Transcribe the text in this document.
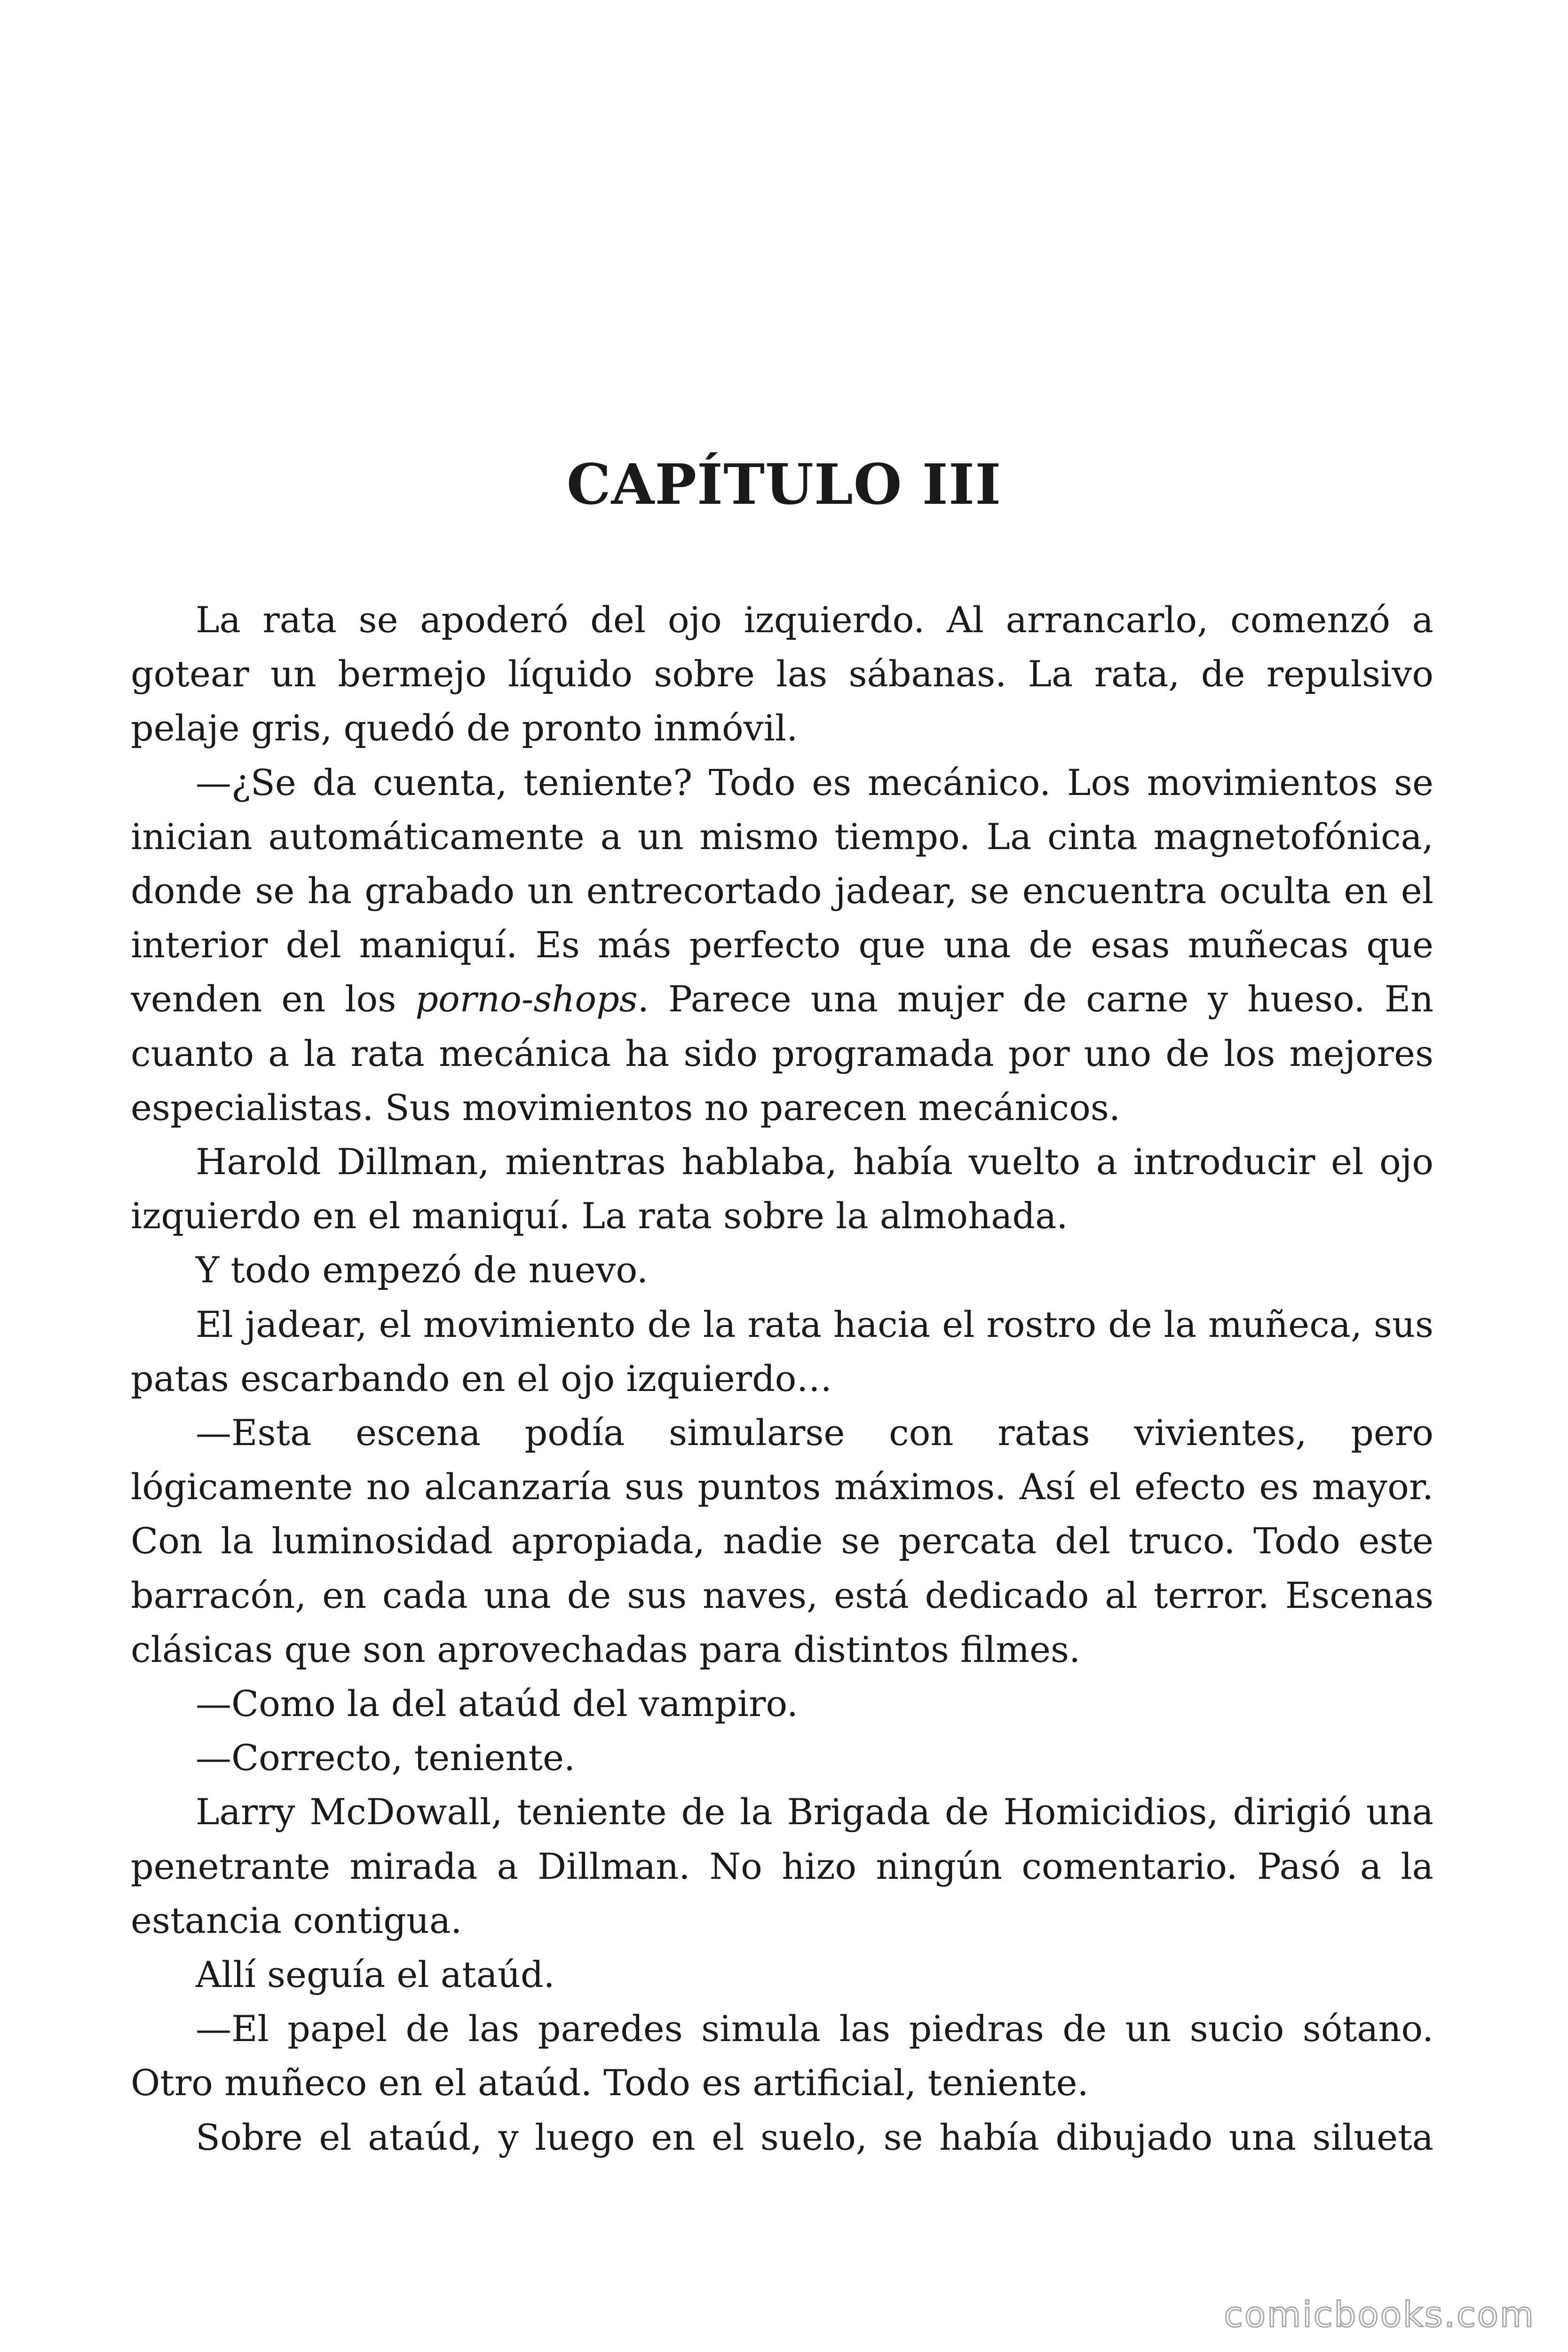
CAPÍTULO III

La rata se apoderó del ojo izquierdo. Al arrancarlo, comenzó a gotear un bermejo líquido sobre las sábanas. La rata, de repulsivo pelaje gris, quedó de pronto inmóvil.

—¿Se da cuenta, teniente? Todo es mecánico. Los movimientos se inician automáticamente a un mismo tiempo. La cinta magnetofónica, donde se ha grabado un entrecortado jadear, se encuentra oculta en el interior del maniquí. Es más perfecto que una de esas muñecas que venden en los porno-shops. Parece una mujer de carne y hueso. En cuanto a la rata mecánica ha sido programada por uno de los mejores especialistas. Sus movimientos no parecen mecánicos.

Harold Dillman, mientras hablaba, había vuelto a introducir el ojo izquierdo en el maniquí. La rata sobre la almohada.

Y todo empezó de nuevo.

El jadear, el movimiento de la rata hacia el rostro de la muñeca, sus patas escarbando en el ojo izquierdo…

—Esta escena podía simularse con ratas vivientes, pero lógicamente no alcanzaría sus puntos máximos. Así el efecto es mayor. Con la luminosidad apropiada, nadie se percata del truco. Todo este barracón, en cada una de sus naves, está dedicado al terror. Escenas clásicas que son aprovechadas para distintos filmes.

—Como la del ataúd del vampiro.

—Correcto, teniente.

Larry McDowall, teniente de la Brigada de Homicidios, dirigió una penetrante mirada a Dillman. No hizo ningún comentario. Pasó a la estancia contigua.

Allí seguía el ataúd.

—El papel de las paredes simula las piedras de un sucio sótano. Otro muñeco en el ataúd. Todo es artificial, teniente.

Sobre el ataúd, y luego en el suelo, se había dibujado una silueta

comicbooks.com
